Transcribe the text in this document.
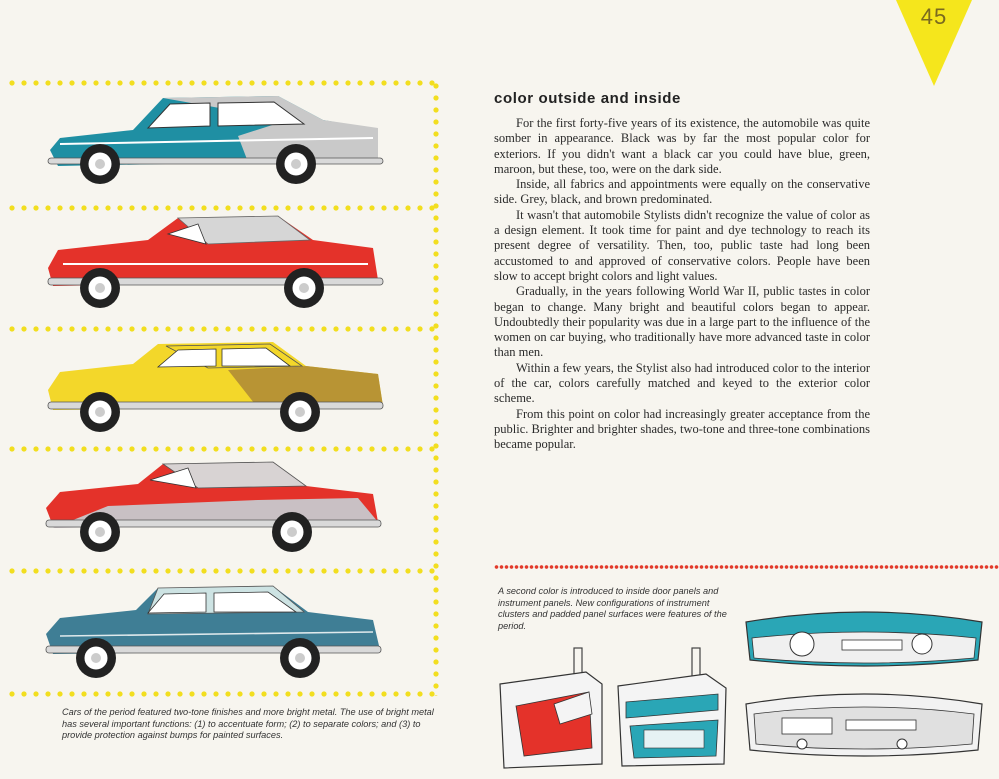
45
Cars of the period featured two-tone finishes and more bright metal. The use of bright metal has several important functions: (1) to accentuate form; (2) to separate colors; and (3) to provide protection against bumps for painted surfaces.
color outside and inside

For the first forty-five years of its existence, the automobile was quite somber in appearance. Black was by far the most popular color for exteriors. If you didn't want a black car you could have blue, green, maroon, but these, too, were on the dark side.

Inside, all fabrics and appointments were equally on the conservative side. Grey, black, and brown predominated.

It wasn't that automobile Stylists didn't recognize the value of color as a design element. It took time for paint and dye technology to reach its present degree of versatility. Then, too, public taste had long been accustomed to and approved of conservative colors. People have been slow to accept bright colors and light values.

Gradually, in the years following World War II, public tastes in color began to change. Many bright and beautiful colors began to appear. Undoubtedly their popularity was due in a large part to the influence of the women on car buying, who traditionally have more advanced taste in color than men.

Within a few years, the Stylist also had introduced color to the interior of the car, colors carefully matched and keyed to the exterior color scheme.

From this point on color had increasingly greater acceptance from the public. Brighter and brighter shades, two-tone and three-tone combinations became popular.

A second color is introduced to inside door panels and instrument panels. New configurations of instrument clusters and padded panel surfaces were features of the period.
